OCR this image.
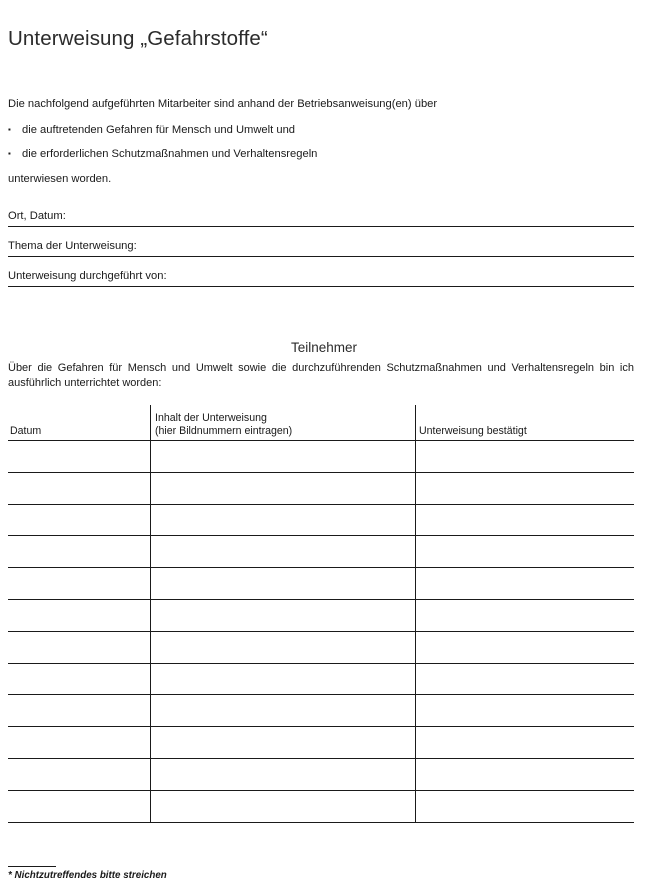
Unterweisung „Gefahrstoffe“

Die nachfolgend aufgeführten Mitarbeiter sind anhand der Betriebsanweisung(en) über

▪ die auftretenden Gefahren für Mensch und Umwelt und
▪ die erforderlichen Schutzmaßnahmen und Verhaltensregeln

unterwiesen worden.

Ort, Datum:
Thema der Unterweisung:
Unterweisung durchgeführt von:
Teilnehmer

Über die Gefahren für Mensch und Umwelt sowie die durchzuführenden Schutzmaßnahmen und Verhaltensregeln bin ich ausführlich unterrichtet worden:

Datum
Inhalt der Unterweisung
(hier Bildnummern eintragen)	Unterweisung bestätigt
* Nichtzutreffendes bitte streichen
